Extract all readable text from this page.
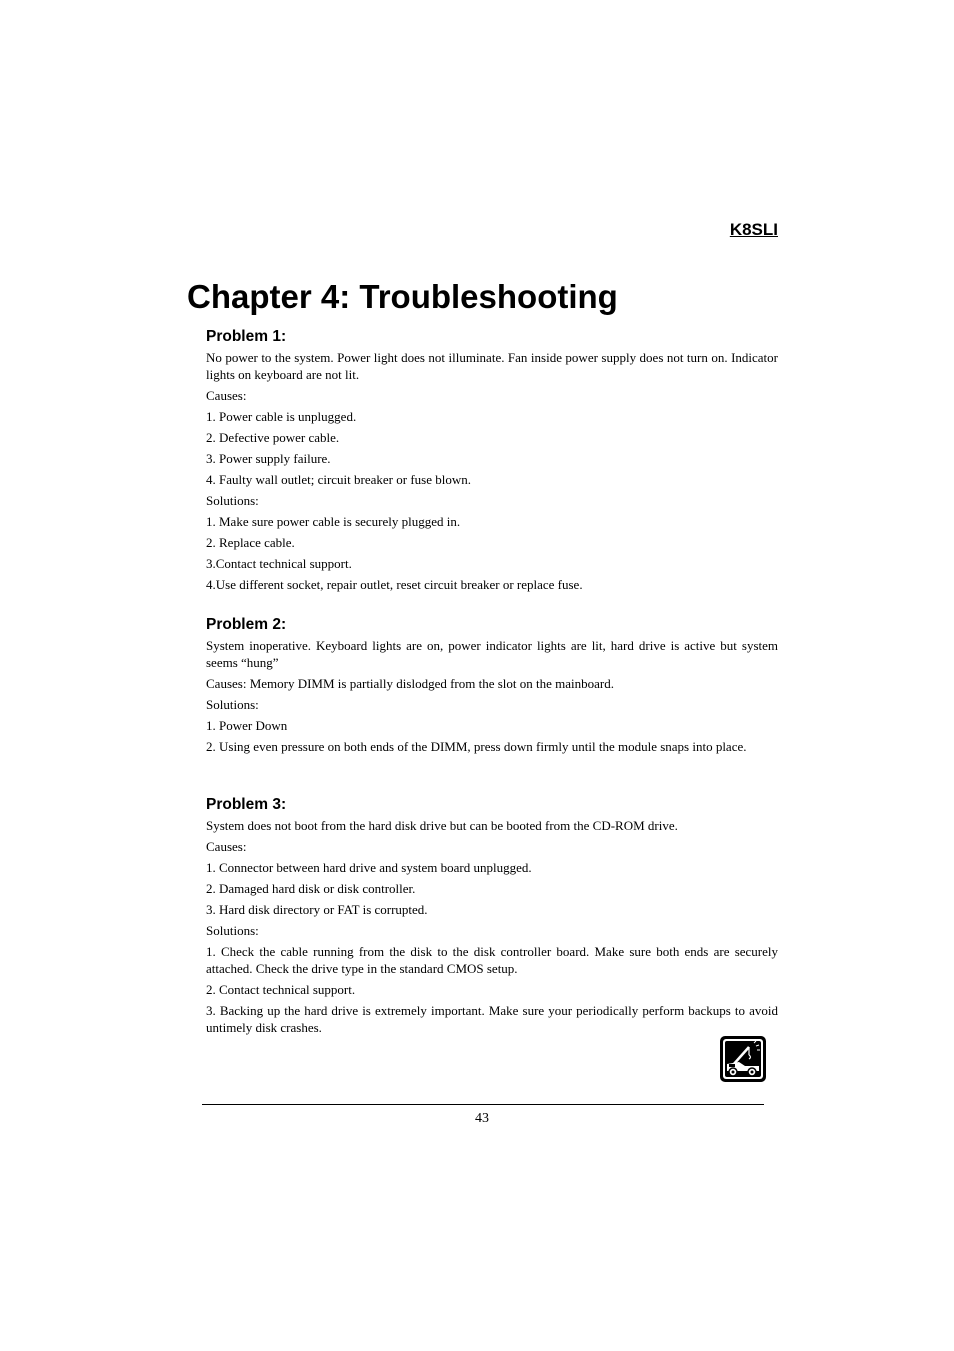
K8SLI
Chapter 4: Troubleshooting
Problem 1:

No power to the system. Power light does not illuminate. Fan inside power supply does not turn on. Indicator lights on keyboard are not lit.

Causes:

1. Power cable is unplugged.

2. Defective power cable.

3. Power supply failure.

4. Faulty wall outlet; circuit breaker or fuse blown.

Solutions:

1. Make sure power cable is securely plugged in.

2. Replace cable.

3.Contact technical support.

4.Use different socket, repair outlet, reset circuit breaker or replace fuse.

Problem 2:

System inoperative. Keyboard lights are on, power indicator lights are lit, hard drive is active but system seems “hung”

Causes: Memory DIMM is partially dislodged from the slot on the mainboard.

Solutions:

1. Power Down

2. Using even pressure on both ends of the DIMM, press down firmly until the module snaps into place.

Problem 3:

System does not boot from the hard disk drive but can be booted from the CD-ROM drive.

Causes:

1. Connector between hard drive and system board unplugged.

2. Damaged hard disk or disk controller.

3. Hard disk directory or FAT is corrupted.

Solutions:

1. Check the cable running from the disk to the disk controller board. Make sure both ends are securely attached. Check the drive type in the standard CMOS setup.

2. Contact technical support.

3. Backing up the hard drive is extremely important. Make sure your periodically perform backups to avoid untimely disk crashes.

43
